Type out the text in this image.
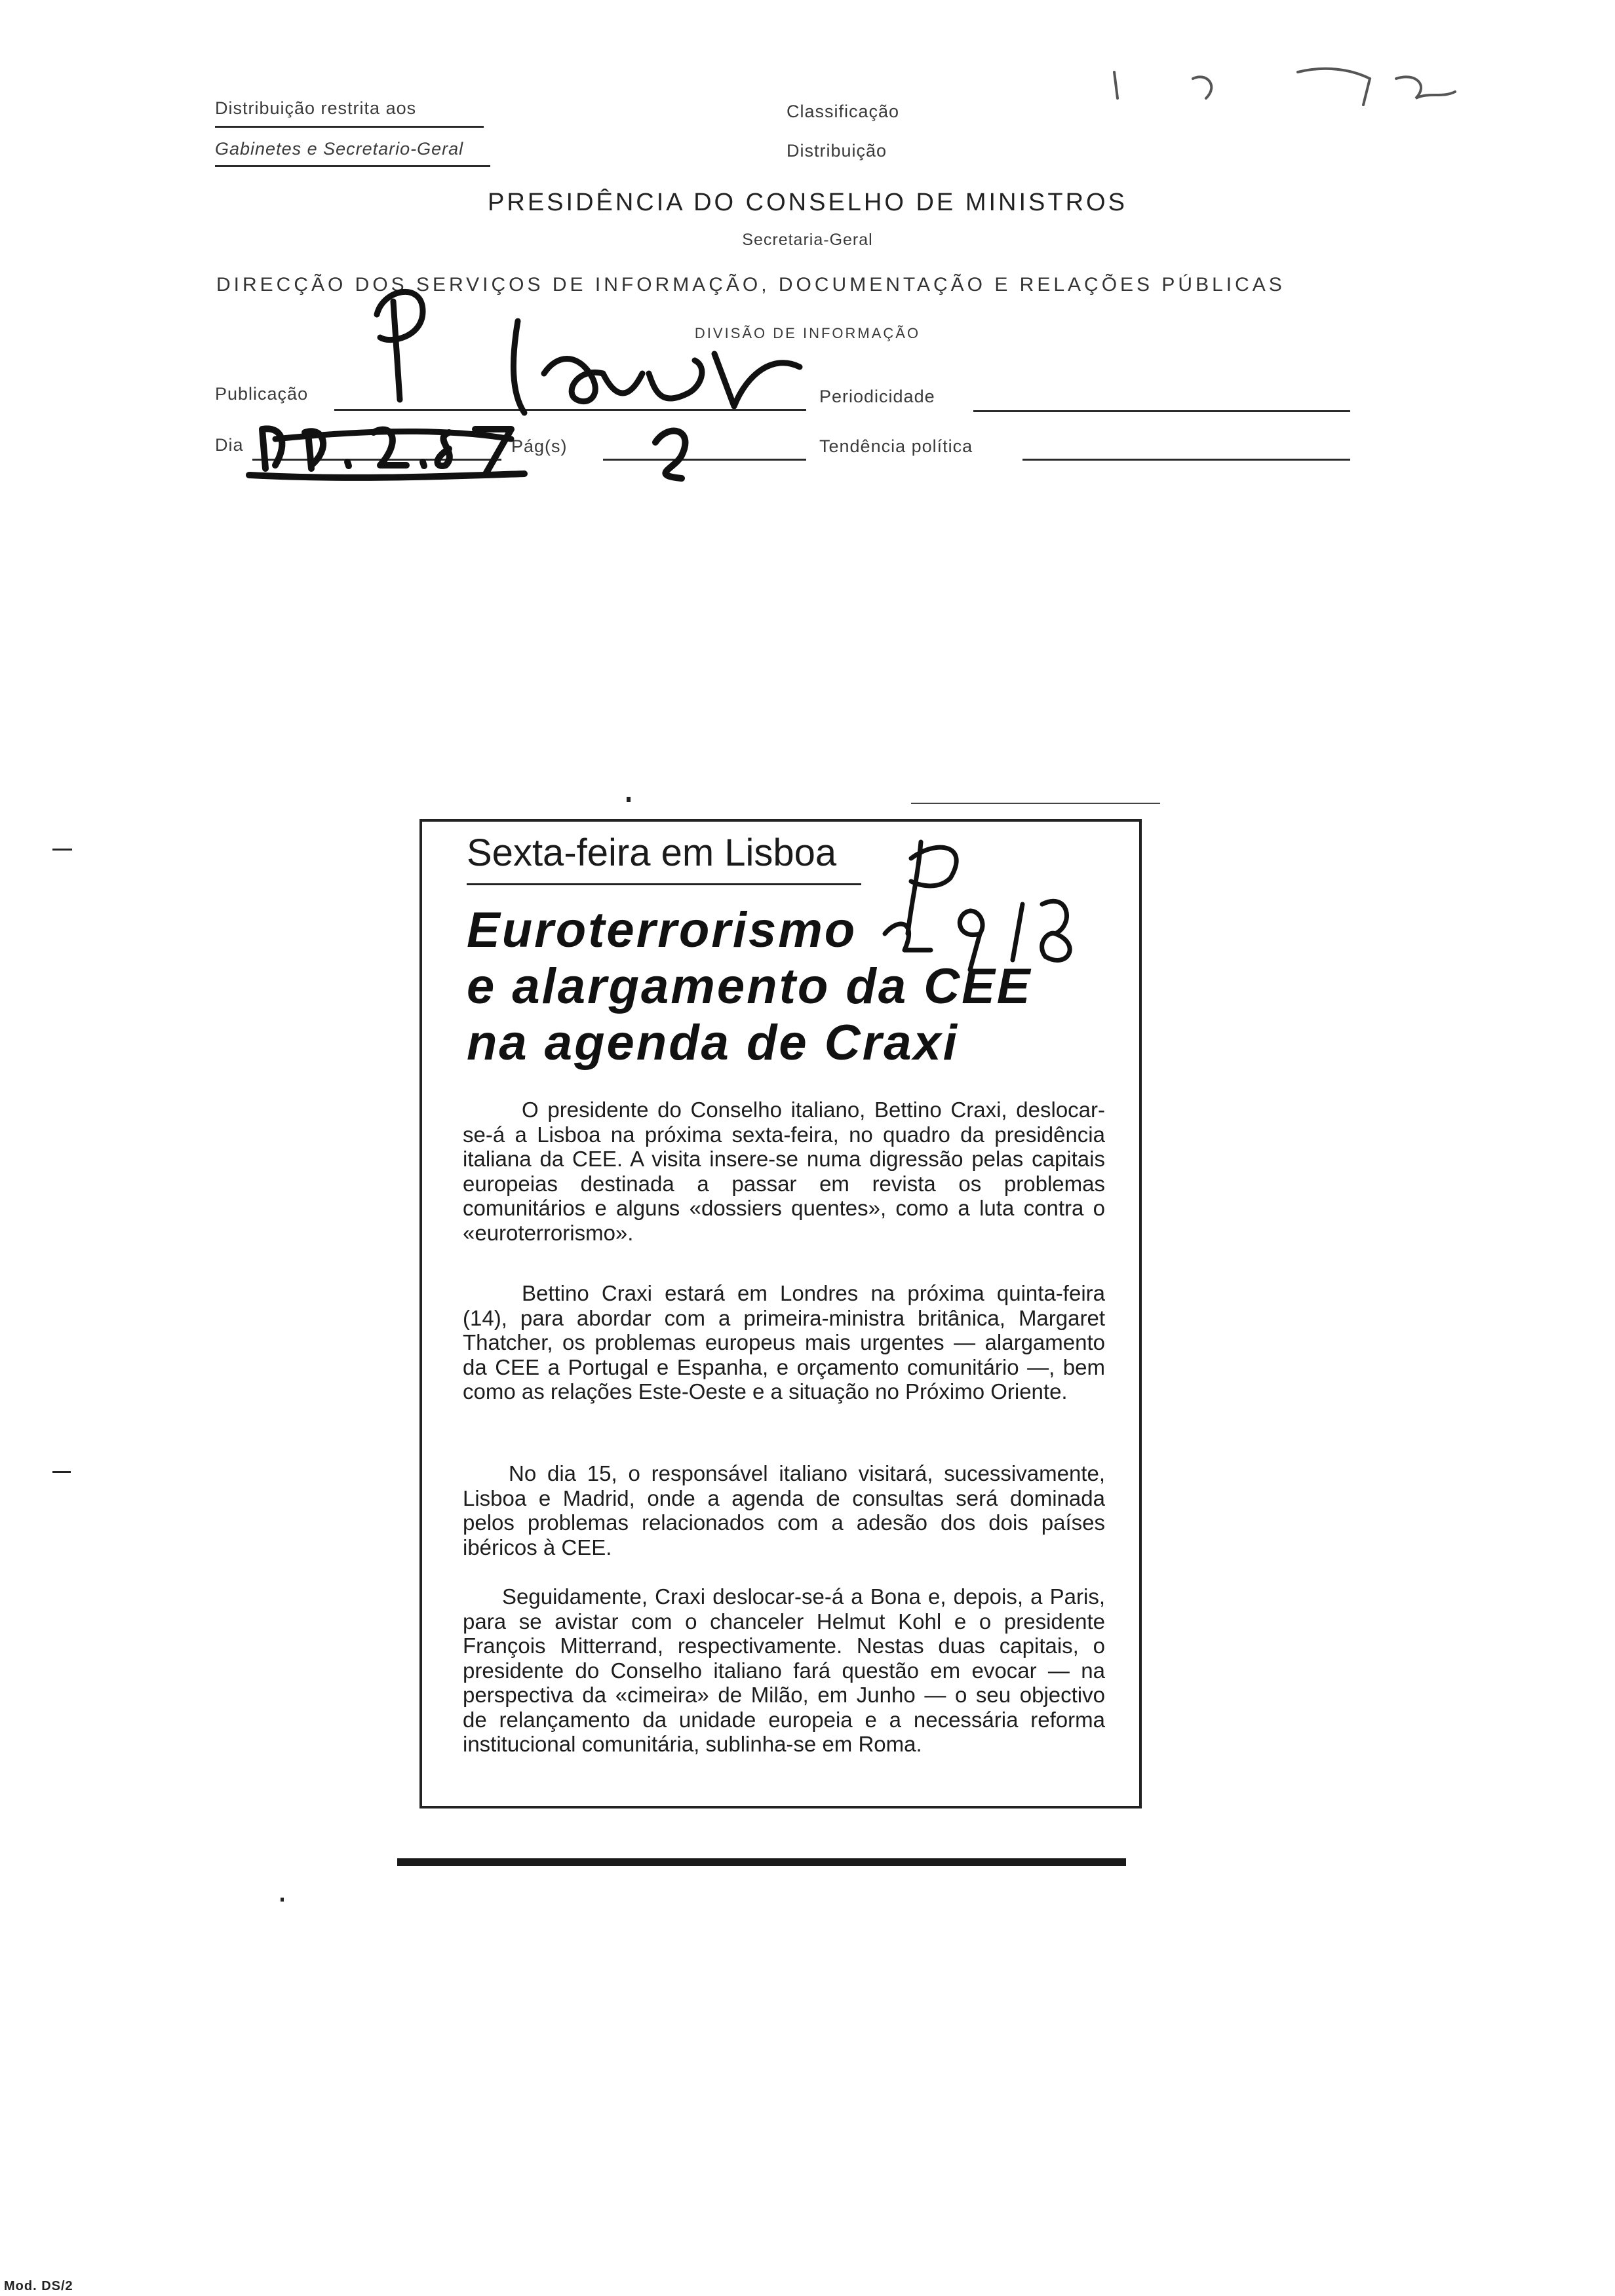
Distribuição restrita aos
Gabinetes e Secretario-Geral
Classificação
Distribuição
PRESIDÊNCIA DO CONSELHO DE MINISTROS
Secretaria-Geral
DIRECÇÃO DOS SERVIÇOS DE INFORMAÇÃO, DOCUMENTAÇÃO E RELAÇÕES PÚBLICAS
DIVISÃO DE INFORMAÇÃO
Publicação
Dia	Pág(s)
Periodicidade
Tendência política
Sexta-feira em Lisboa
Euroterrorismo
e alargamento da CEE
na agenda de Craxi

O presidente do Conselho italiano, Bettino Craxi, deslocar-se-á a Lisboa na próxima sexta-feira, no quadro da presidência italiana da CEE. A visita insere-se numa digressão pelas capitais europeias destinada a passar em revista os problemas comunitários e alguns «dossiers quentes», como a luta contra o «euroterrorismo».

Bettino Craxi estará em Londres na próxima quinta-feira (14), para abordar com a primeira-ministra britânica, Margaret Thatcher, os problemas europeus mais urgentes — alargamento da CEE a Portugal e Espanha, e orçamento comunitário —, bem como as relações Este-Oeste e a situação no Próximo Oriente.

No dia 15, o responsável italiano visitará, sucessivamente, Lisboa e Madrid, onde a agenda de consultas será dominada pelos problemas relacionados com a adesão dos dois países ibéricos à CEE.

Seguidamente, Craxi deslocar-se-á a Bona e, depois, a Paris, para se avistar com o chanceler Helmut Kohl e o presidente François Mitterrand, respectivamente. Nestas duas capitais, o presidente do Conselho italiano fará questão em evocar — na perspectiva da «cimeira» de Milão, em Junho — o seu objectivo de relançamento da unidade europeia e a necessária reforma institucional comunitária, sublinha-se em Roma.

Mod. DS/2
